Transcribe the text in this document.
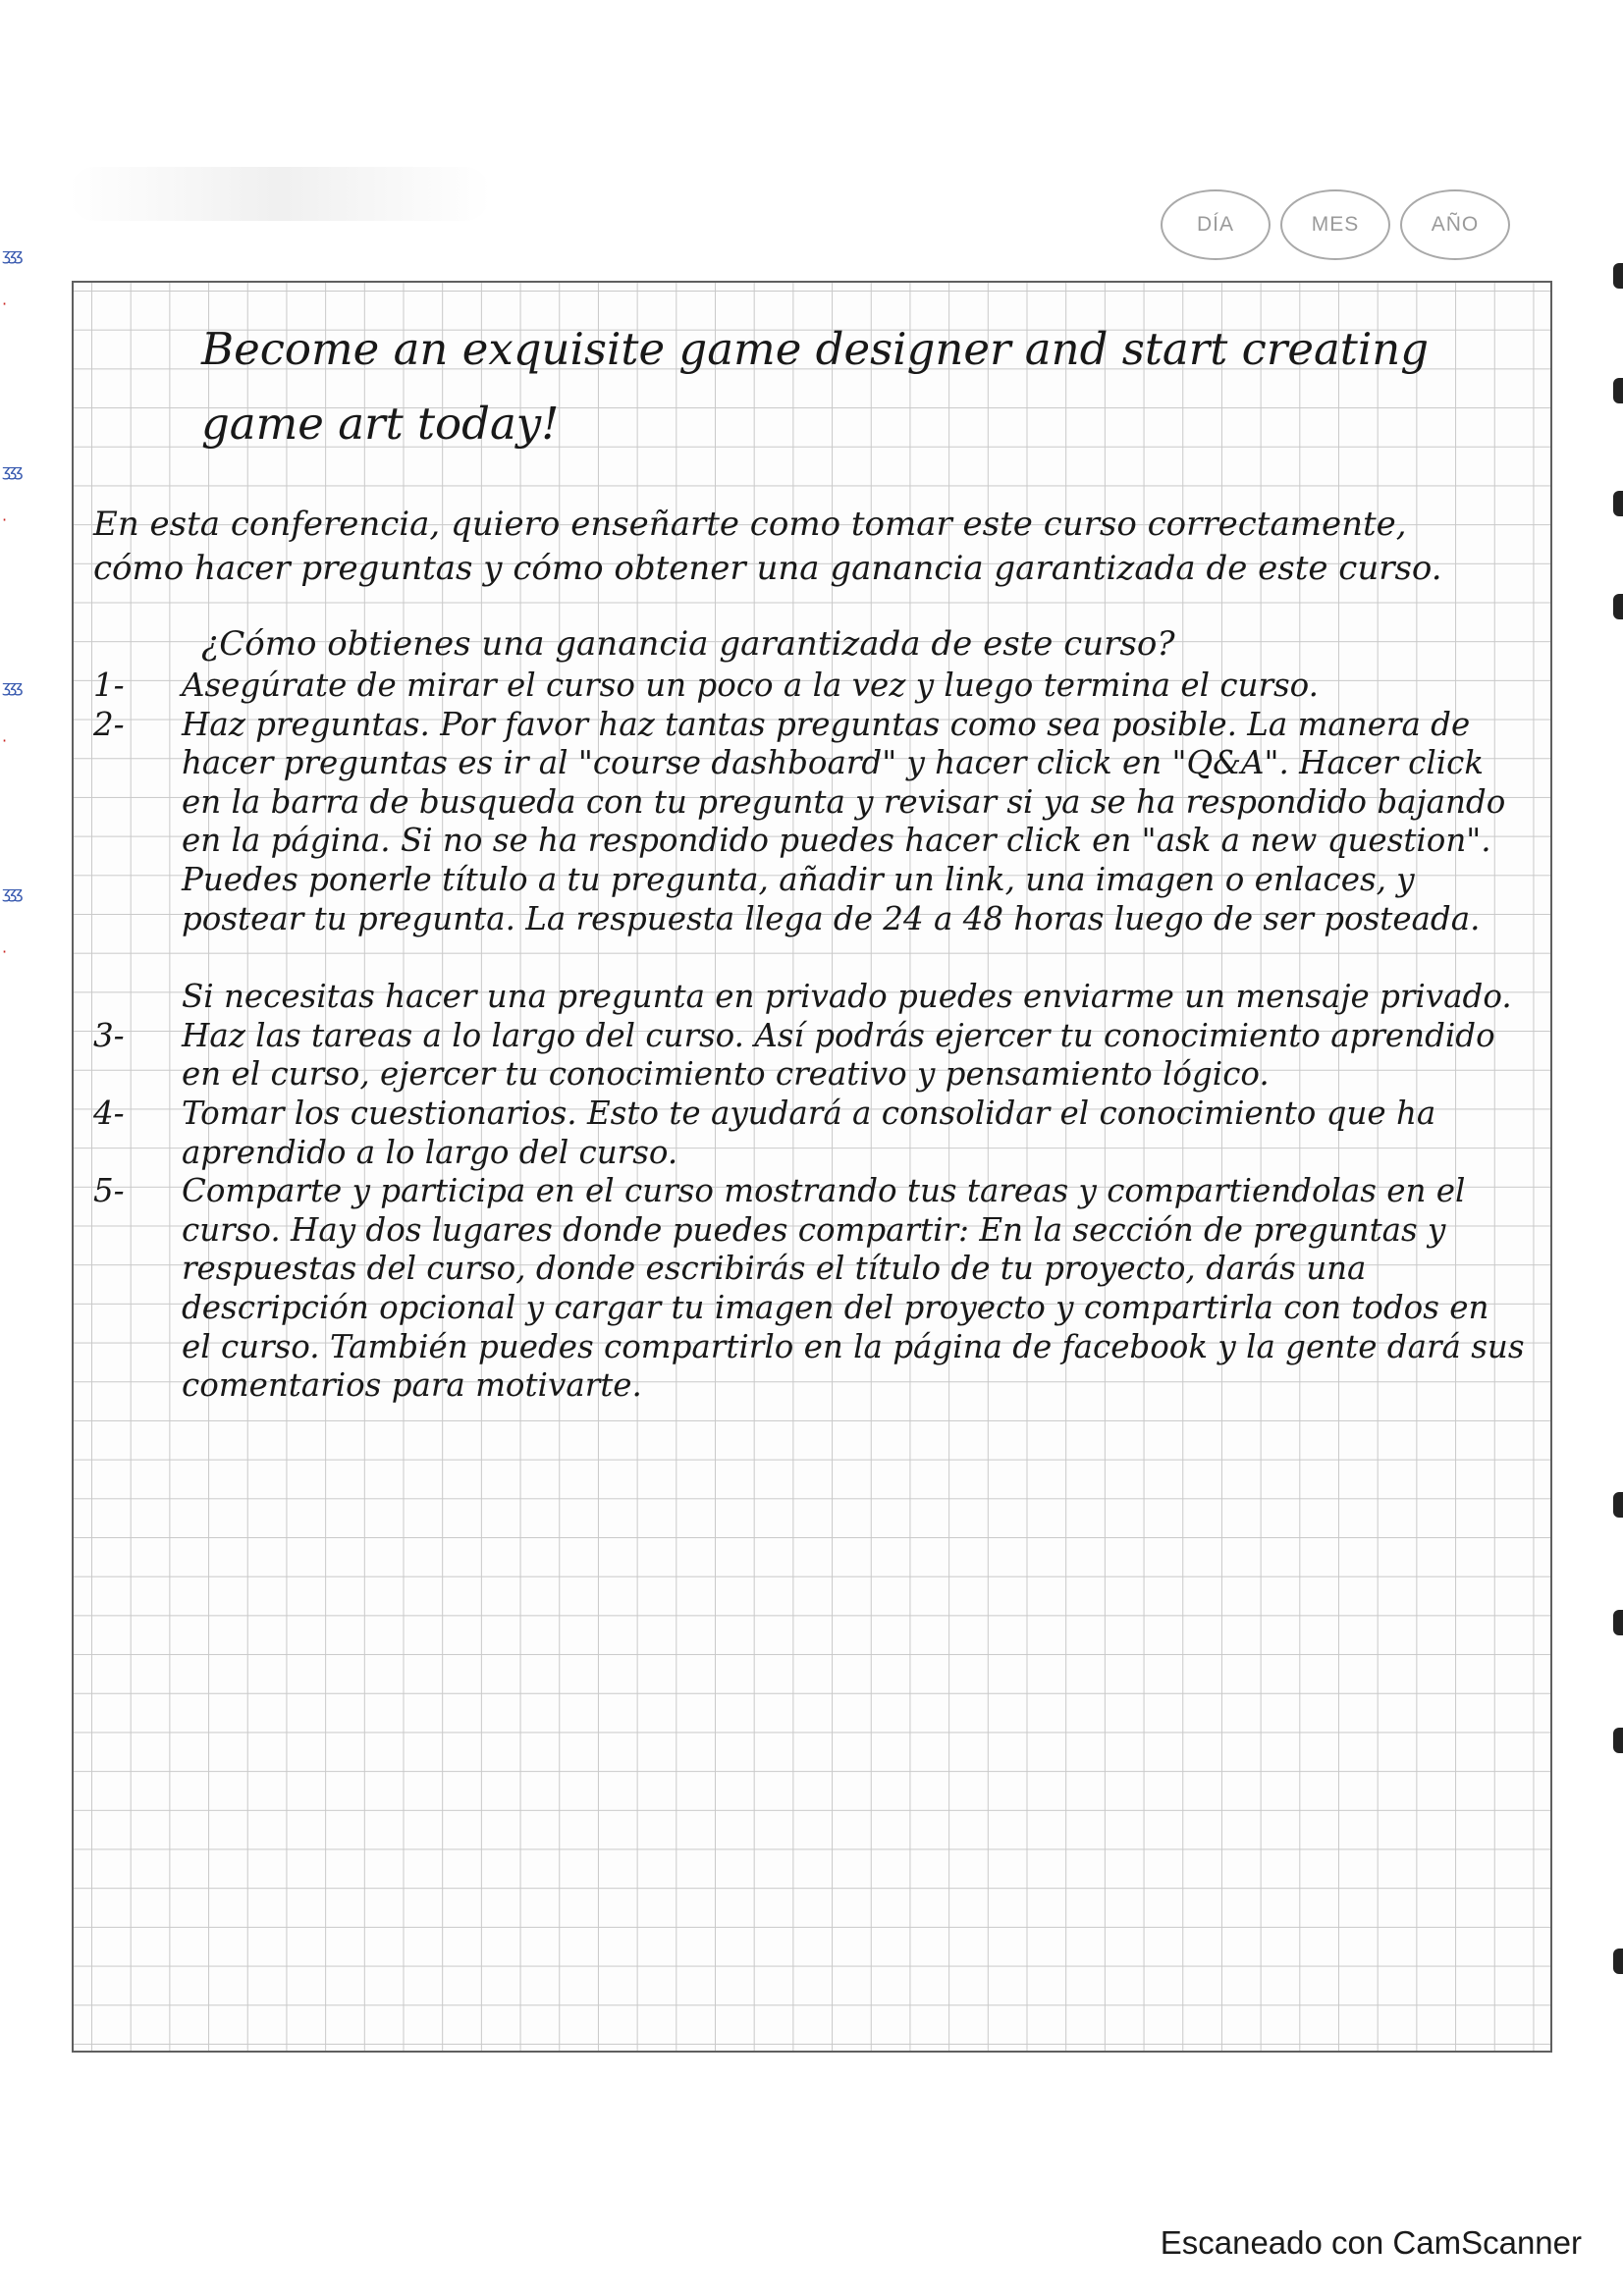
ʒʒʒ
·
ʒʒʒ
·
ʒʒʒ
·
ʒʒʒ
·
DÍA	MES	AÑO

Become an exquisite game designer and start creating game art today!

En esta conferencia, quiero enseñarte como tomar este curso correctamente, cómo hacer preguntas y cómo obtener una ganancia garantizada de este curso.

¿Cómo obtienes una ganancia garantizada de este curso?

1-	Asegúrate de mirar el curso un poco a la vez y luego termina el curso.
2-	Haz preguntas. Por favor haz tantas preguntas como sea posible. La manera de hacer preguntas es ir al "course dashboard" y hacer click en "Q&A". Hacer click en la barra de busqueda con tu pregunta y revisar si ya se ha respondido bajando en la página. Si no se ha respondido puedes hacer click en "ask a new question". Puedes ponerle título a tu pregunta, añadir un link, una imagen o enlaces, y postear tu pregunta. La respuesta llega de 24 a 48 horas luego de ser posteada.
Si necesitas hacer una pregunta en privado puedes enviarme un mensaje privado.
3-	Haz las tareas a lo largo del curso. Así podrás ejercer tu conocimiento aprendido en el curso, ejercer tu conocimiento creativo y pensamiento lógico.
4-	Tomar los cuestionarios. Esto te ayudará a consolidar el conocimiento que ha aprendido a lo largo del curso.
5-	Comparte y participa en el curso mostrando tus tareas y compartiendolas en el curso. Hay dos lugares donde puedes compartir: En la sección de preguntas y respuestas del curso, donde escribirás el título de tu proyecto, darás una descripción opcional y cargar tu imagen del proyecto y compartirla con todos en el curso. También puedes compartirlo en la página de facebook y la gente dará sus comentarios para motivarte.
Escaneado con CamScanner
